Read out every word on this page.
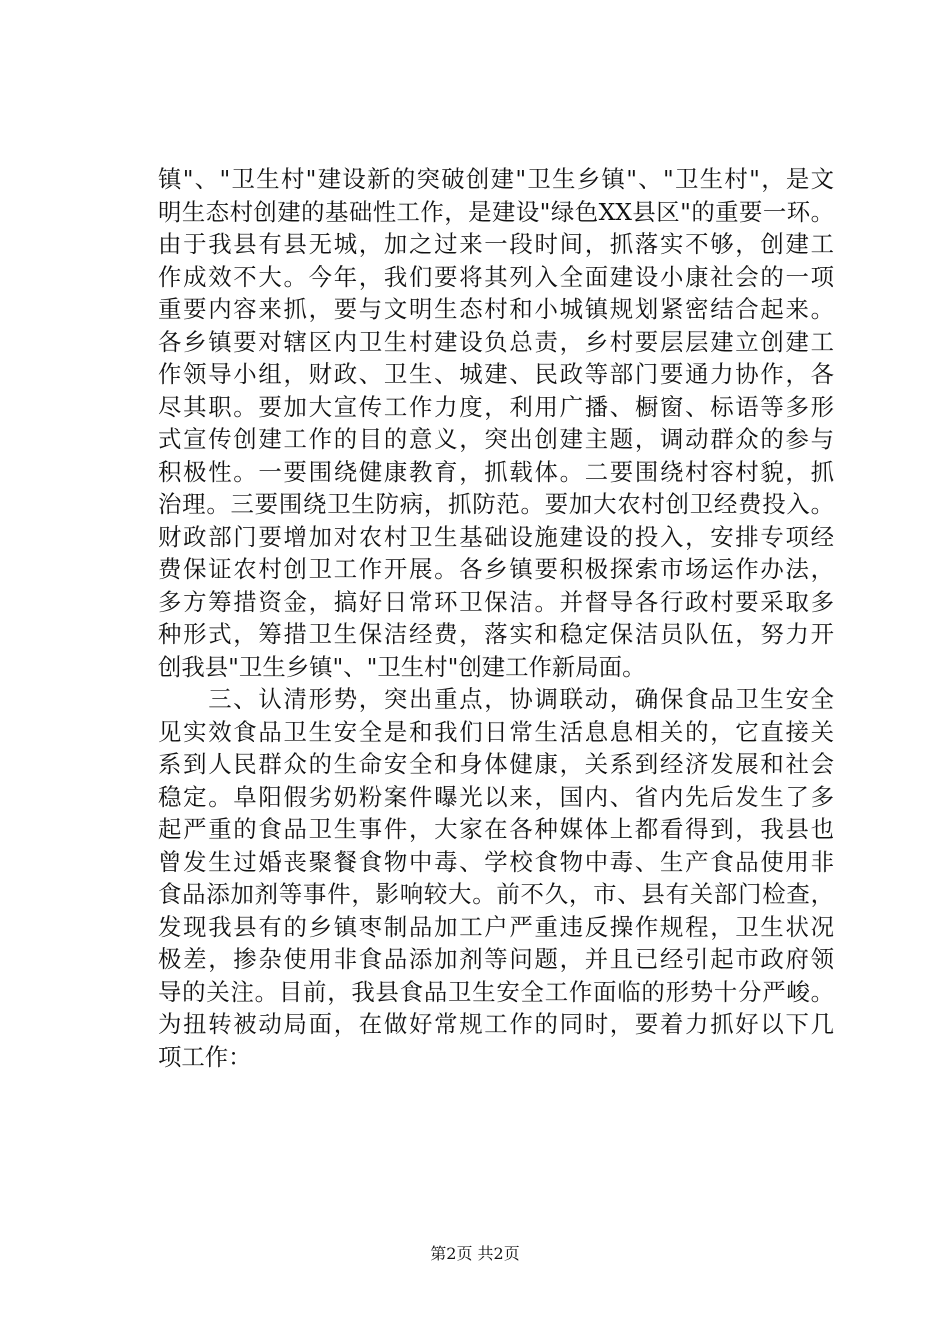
镇"、"卫生村"建设新的突破创建"卫生乡镇"、"卫生村"，是文
明生态村创建的基础性工作，是建设"绿色XX县区"的重要一环。
由于我县有县无城，加之过来一段时间，抓落实不够，创建工
作成效不大。今年，我们要将其列入全面建设小康社会的一项
重要内容来抓，要与文明生态村和小城镇规划紧密结合起来。
各乡镇要对辖区内卫生村建设负总责，乡村要层层建立创建工
作领导小组，财政、卫生、城建、民政等部门要通力协作，各
尽其职。要加大宣传工作力度，利用广播、橱窗、标语等多形
式宣传创建工作的目的意义，突出创建主题，调动群众的参与
积极性。一要围绕健康教育，抓载体。二要围绕村容村貌，抓
治理。三要围绕卫生防病，抓防范。要加大农村创卫经费投入。
财政部门要增加对农村卫生基础设施建设的投入，安排专项经
费保证农村创卫工作开展。各乡镇要积极探索市场运作办法，
多方筹措资金，搞好日常环卫保洁。并督导各行政村要采取多
种形式，筹措卫生保洁经费，落实和稳定保洁员队伍，努力开
创我县"卫生乡镇"、"卫生村"创建工作新局面。
　　三、认清形势，突出重点，协调联动，确保食品卫生安全
见实效食品卫生安全是和我们日常生活息息相关的，它直接关
系到人民群众的生命安全和身体健康，关系到经济发展和社会
稳定。阜阳假劣奶粉案件曝光以来，国内、省内先后发生了多
起严重的食品卫生事件，大家在各种媒体上都看得到，我县也
曾发生过婚丧聚餐食物中毒、学校食物中毒、生产食品使用非
食品添加剂等事件，影响较大。前不久，市、县有关部门检查，
发现我县有的乡镇枣制品加工户严重违反操作规程，卫生状况
极差，掺杂使用非食品添加剂等问题，并且已经引起市政府领
导的关注。目前，我县食品卫生安全工作面临的形势十分严峻。
为扭转被动局面，在做好常规工作的同时，要着力抓好以下几
项工作：
第2页 共2页
